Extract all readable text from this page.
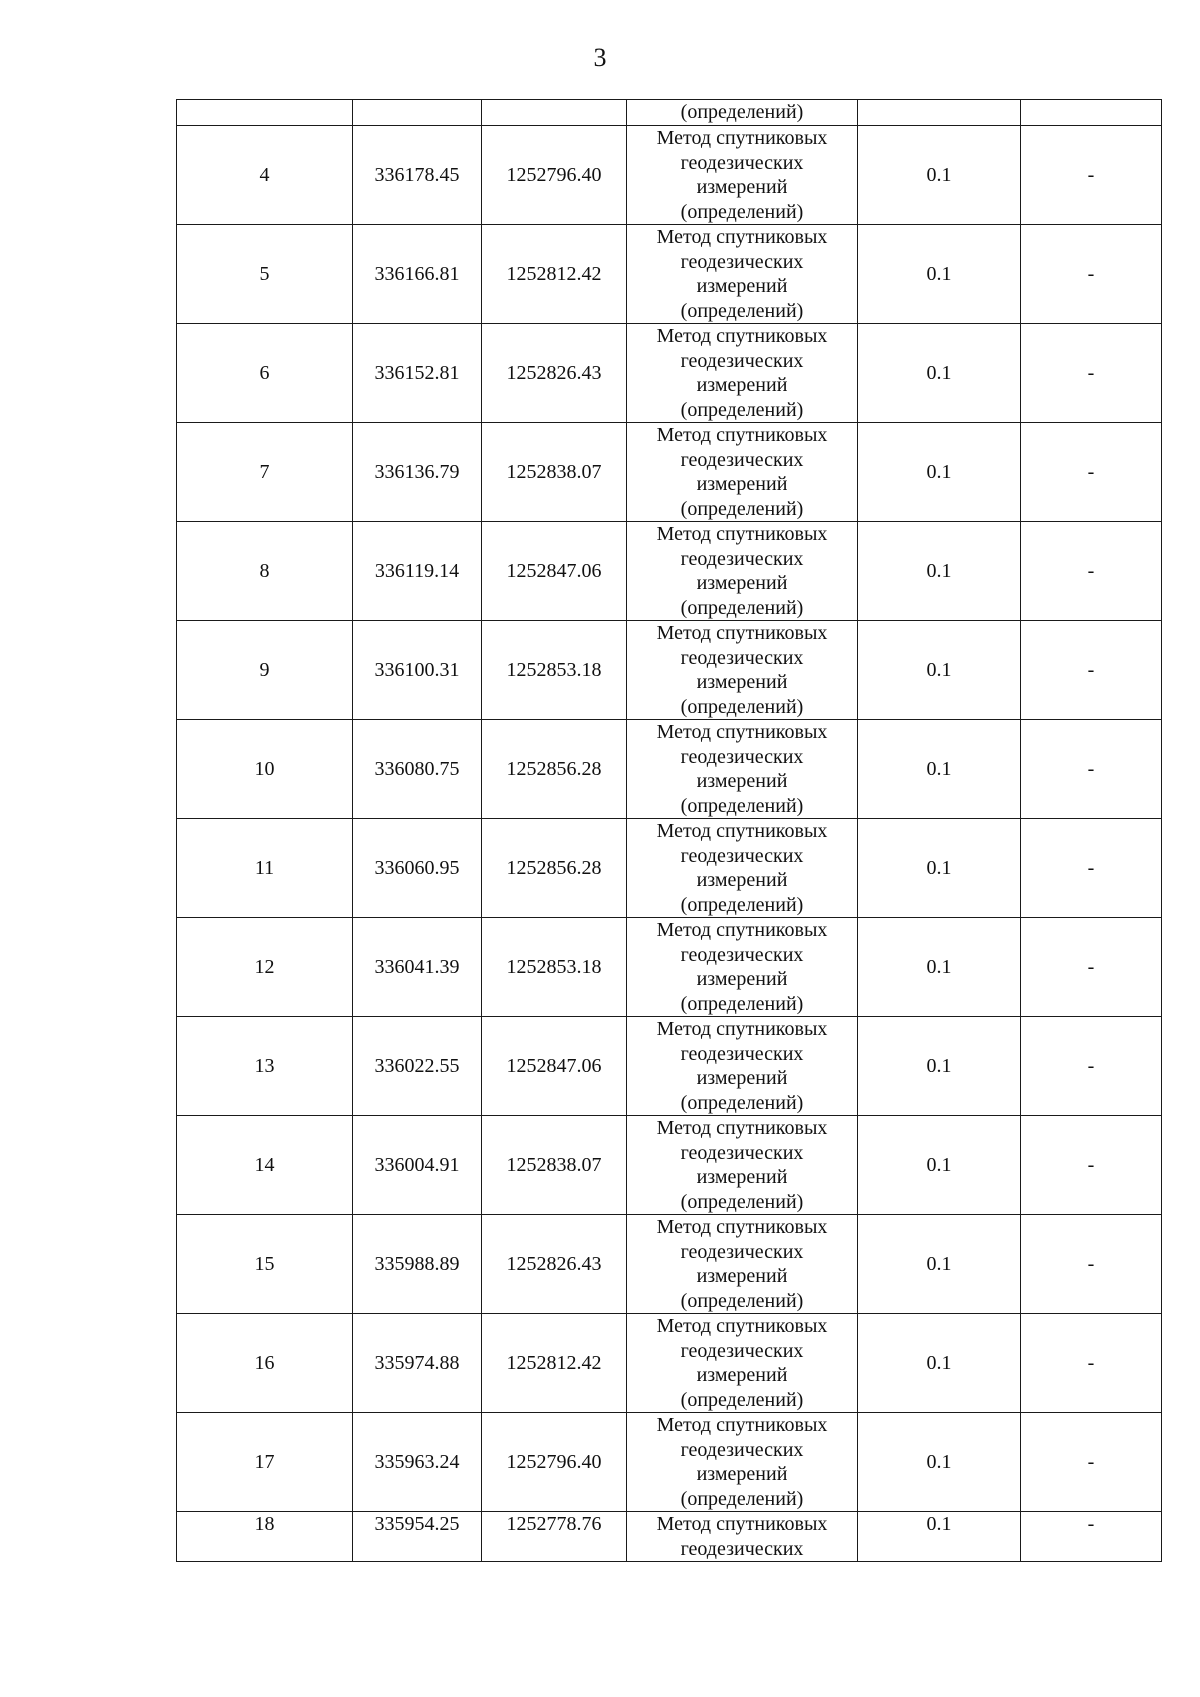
3
			(определений)		
4	336178.45	1252796.40	Метод спутниковых
геодезических
измерений
(определений)	0.1	-
5	336166.81	1252812.42	Метод спутниковых
геодезических
измерений
(определений)	0.1	-
6	336152.81	1252826.43	Метод спутниковых
геодезических
измерений
(определений)	0.1	-
7	336136.79	1252838.07	Метод спутниковых
геодезических
измерений
(определений)	0.1	-
8	336119.14	1252847.06	Метод спутниковых
геодезических
измерений
(определений)	0.1	-
9	336100.31	1252853.18	Метод спутниковых
геодезических
измерений
(определений)	0.1	-
10	336080.75	1252856.28	Метод спутниковых
геодезических
измерений
(определений)	0.1	-
11	336060.95	1252856.28	Метод спутниковых
геодезических
измерений
(определений)	0.1	-
12	336041.39	1252853.18	Метод спутниковых
геодезических
измерений
(определений)	0.1	-
13	336022.55	1252847.06	Метод спутниковых
геодезических
измерений
(определений)	0.1	-
14	336004.91	1252838.07	Метод спутниковых
геодезических
измерений
(определений)	0.1	-
15	335988.89	1252826.43	Метод спутниковых
геодезических
измерений
(определений)	0.1	-
16	335974.88	1252812.42	Метод спутниковых
геодезических
измерений
(определений)	0.1	-
17	335963.24	1252796.40	Метод спутниковых
геодезических
измерений
(определений)	0.1	-
18	335954.25	1252778.76	Метод спутниковых
геодезических	0.1	-
